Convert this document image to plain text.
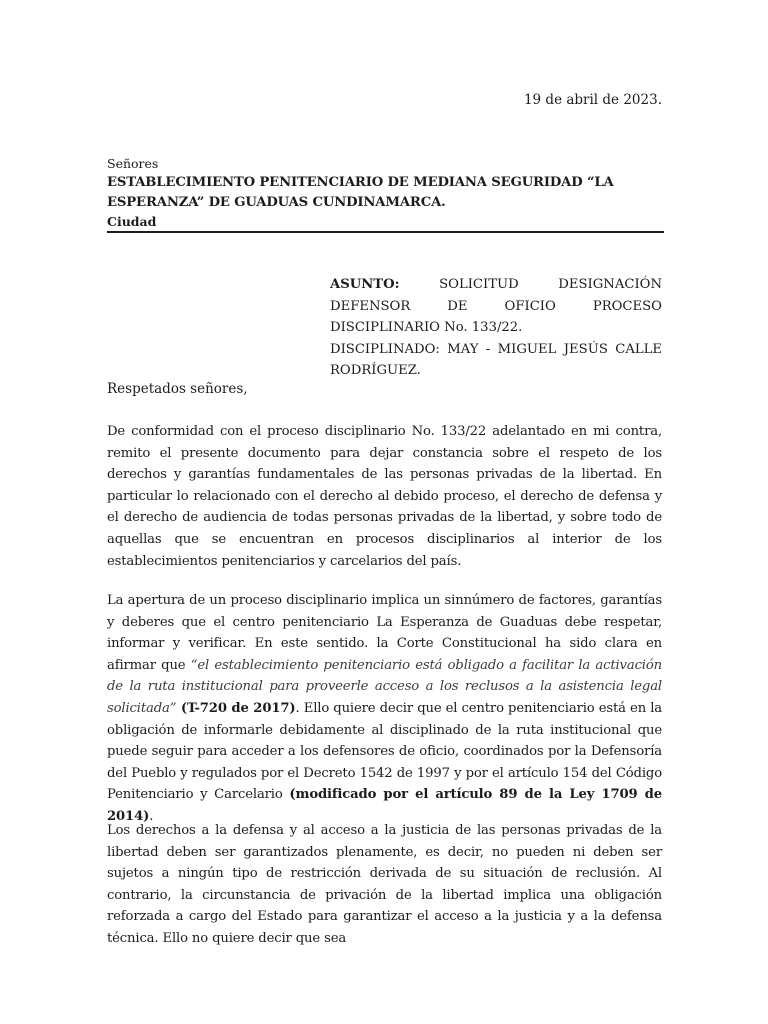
19 de abril de 2023.
Señores
ESTABLECIMIENTO PENITENCIARIO DE MEDIANA SEGURIDAD “LA ESPERANZA” DE GUADUAS CUNDINAMARCA.
Ciudad
ASUNTO: SOLICITUD DESIGNACIÓN DEFENSOR DE OFICIO PROCESO DISCIPLINARIO No. 133/22.
DISCIPLINADO: MAY - MIGUEL JESÚS CALLE RODRÍGUEZ.
Respetados señores,
De conformidad con el proceso disciplinario No. 133/22 adelantado en mi contra, remito el presente documento para dejar constancia sobre el respeto de los derechos y garantías fundamentales de las personas privadas de la libertad. En particular lo relacionado con el derecho al debido proceso, el derecho de defensa y el derecho de audiencia de todas personas privadas de la libertad, y sobre todo de aquellas que se encuentran en procesos disciplinarios al interior de los establecimientos penitenciarios y carcelarios del país.
La apertura de un proceso disciplinario implica un sinnúmero de factores, garantías y deberes que el centro penitenciario La Esperanza de Guaduas debe respetar, informar y verificar. En este sentido. la Corte Constitucional ha sido clara en afirmar que “el establecimiento penitenciario está obligado a facilitar la activación de la ruta institucional para proveerle acceso a los reclusos a la asistencia legal solicitada” (T-720 de 2017). Ello quiere decir que el centro penitenciario está en la obligación de informarle debidamente al disciplinado de la ruta institucional que puede seguir para acceder a los defensores de oficio, coordinados por la Defensoría del Pueblo y regulados por el Decreto 1542 de 1997 y por el artículo 154 del Código Penitenciario y Carcelario (modificado por el artículo 89 de la Ley 1709 de 2014).
Los derechos a la defensa y al acceso a la justicia de las personas privadas de la libertad deben ser garantizados plenamente, es decir, no pueden ni deben ser sujetos a ningún tipo de restricción derivada de su situación de reclusión. Al contrario, la circunstancia de privación de la libertad implica una obligación reforzada a cargo del Estado para garantizar el acceso a la justicia y a la defensa técnica. Ello no quiere decir que sea
